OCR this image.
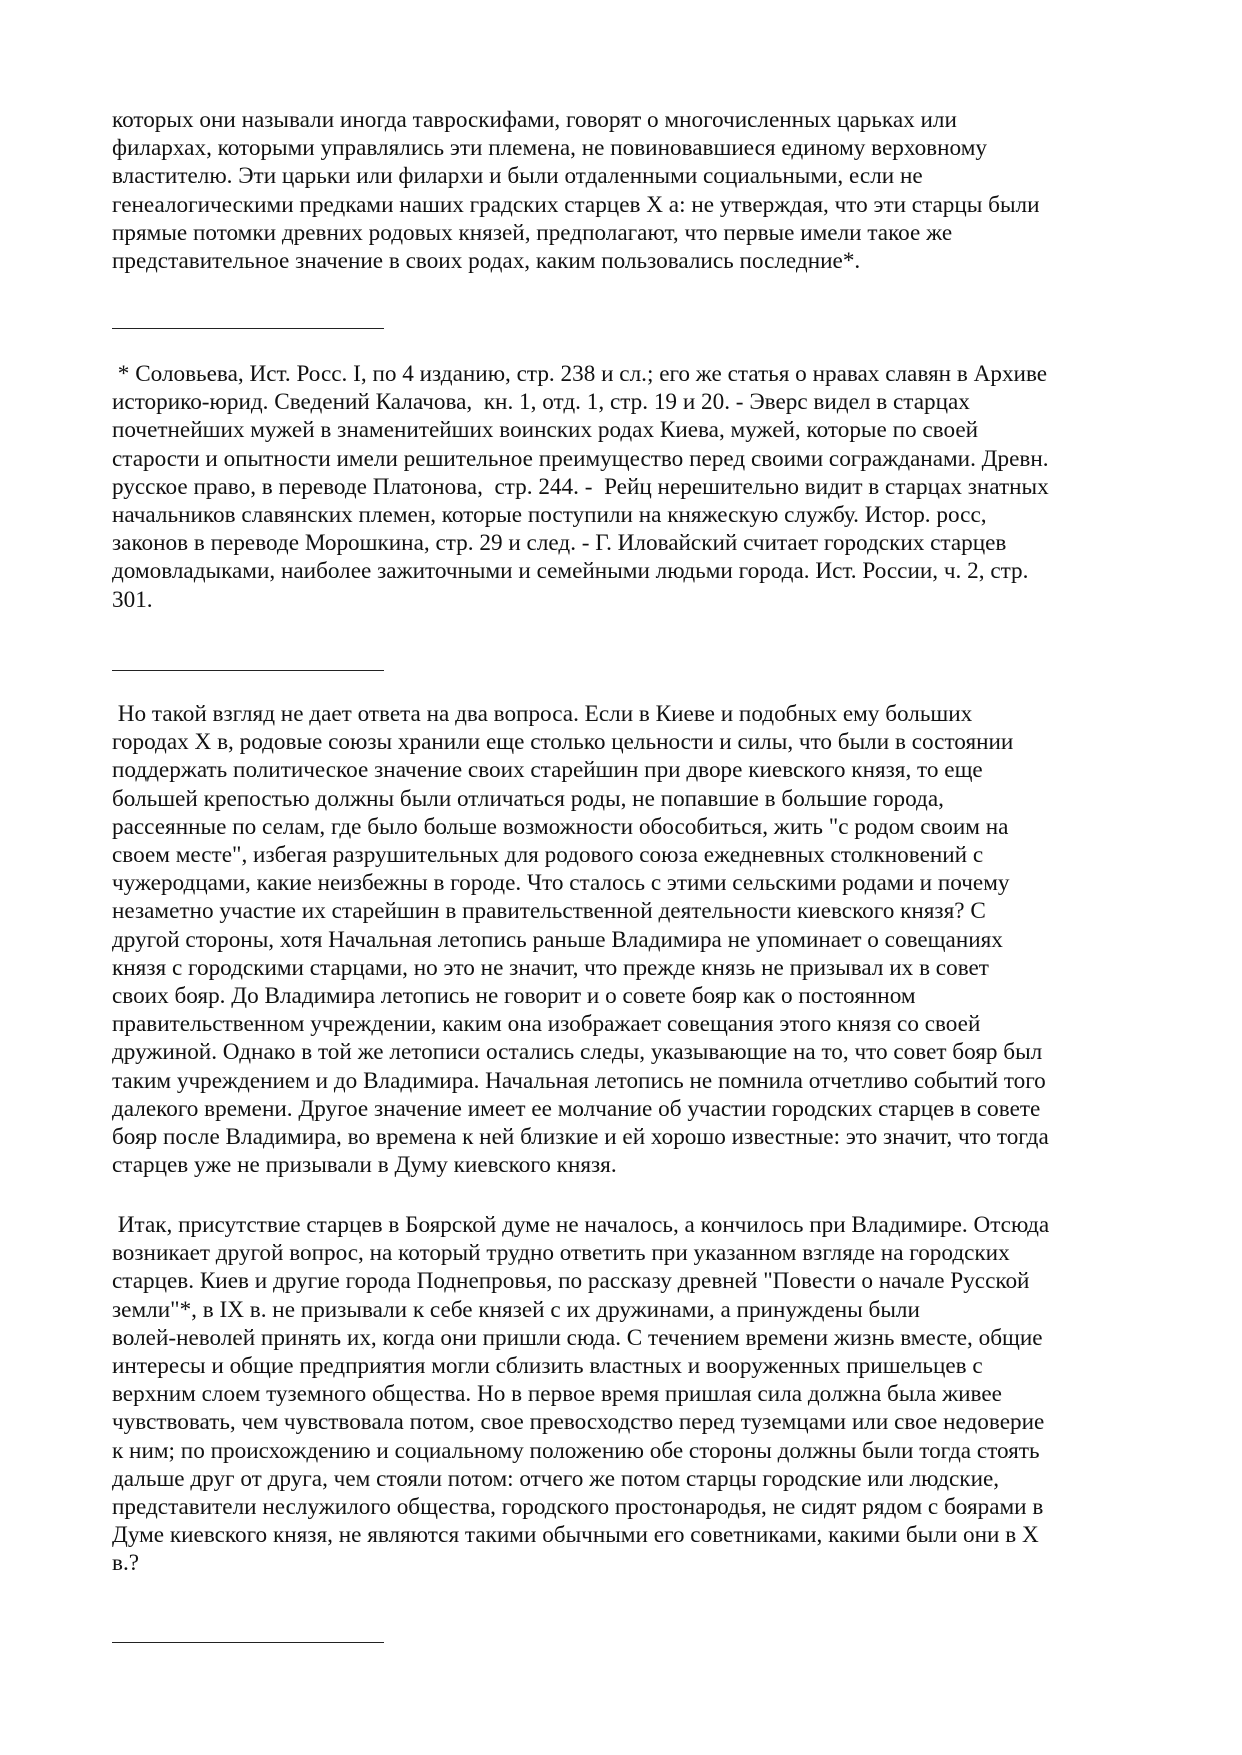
которых они называли иногда тавроскифами, говорят о многочисленных царьках или
филархах, которыми управлялись эти племена, не повиновавшиеся единому верховному
властителю. Эти царьки или филархи и были отдаленными социальными, если не
генеалогическими предками наших градских старцев X а: не утверждая, что эти старцы были
прямые потомки древних родовых князей, предполагают, что первые имели такое же
представительное значение в своих родах, каким пользовались последние*.
* Соловьева, Ист. Росс. I, по 4 изданию, стр. 238 и сл.; его же статья о нравах славян в Архиве
историко-юрид. Сведений Калачова,  кн. 1, отд. 1, стр. 19 и 20. - Эверс видел в старцах
почетнейших мужей в знаменитейших воинских родах Киева, мужей, которые по своей
старости и опытности имели решительное преимущество перед своими согражданами. Древн.
русское право, в переводе Платонова,  стр. 244. -  Рейц нерешительно видит в старцах знатных
начальников славянских племен, которые поступили на княжескую службу. Истор. росс,
законов в переводе Морошкина, стр. 29 и след. - Г. Иловайский считает городских старцев
домовладыками, наиболее зажиточными и семейными людьми города. Ист. России, ч. 2, стр.
301.
Но такой взгляд не дает ответа на два вопроса. Если в Киеве и подобных ему больших
городах X в, родовые союзы хранили еще столько цельности и силы, что были в состоянии
поддержать политическое значение своих старейшин при дворе киевского князя, то еще
большей крепостью должны были отличаться роды, не попавшие в большие города,
рассеянные по селам, где было больше возможности обособиться, жить "с родом своим на
своем месте", избегая разрушительных для родового союза ежедневных столкновений с
чужеродцами, какие неизбежны в городе. Что сталось с этими сельскими родами и почему
незаметно участие их старейшин в правительственной деятельности киевского князя? С
другой стороны, хотя Начальная летопись раньше Владимира не упоминает о совещаниях
князя с городскими старцами, но это не значит, что прежде князь не призывал их в совет
своих бояр. До Владимира летопись не говорит и о совете бояр как о постоянном
правительственном учреждении, каким она изображает совещания этого князя со своей
дружиной. Однако в той же летописи остались следы, указывающие на то, что совет бояр был
таким учреждением и до Владимира. Начальная летопись не помнила отчетливо событий того
далекого времени. Другое значение имеет ее молчание об участии городских старцев в совете
бояр после Владимира, во времена к ней близкие и ей хорошо известные: это значит, что тогда
старцев уже не призывали в Думу киевского князя.
Итак, присутствие старцев в Боярской думе не началось, а кончилось при Владимире. Отсюда
возникает другой вопрос, на который трудно ответить при указанном взгляде на городских
старцев. Киев и другие города Поднепровья, по рассказу древней "Повести о начале Русской
земли"*, в IX в. не призывали к себе князей с их дружинами, а принуждены были
волей-неволей принять их, когда они пришли сюда. С течением времени жизнь вместе, общие
интересы и общие предприятия могли сблизить властных и вооруженных пришельцев с
верхним слоем туземного общества. Но в первое время пришлая сила должна была живее
чувствовать, чем чувствовала потом, свое превосходство перед туземцами или свое недоверие
к ним; по происхождению и социальному положению обе стороны должны были тогда стоять
дальше друг от друга, чем стояли потом: отчего же потом старцы городские или людские,
представители неслужилого общества, городского простонародья, не сидят рядом с боярами в
Думе киевского князя, не являются такими обычными его советниками, какими были они в X
в.?
